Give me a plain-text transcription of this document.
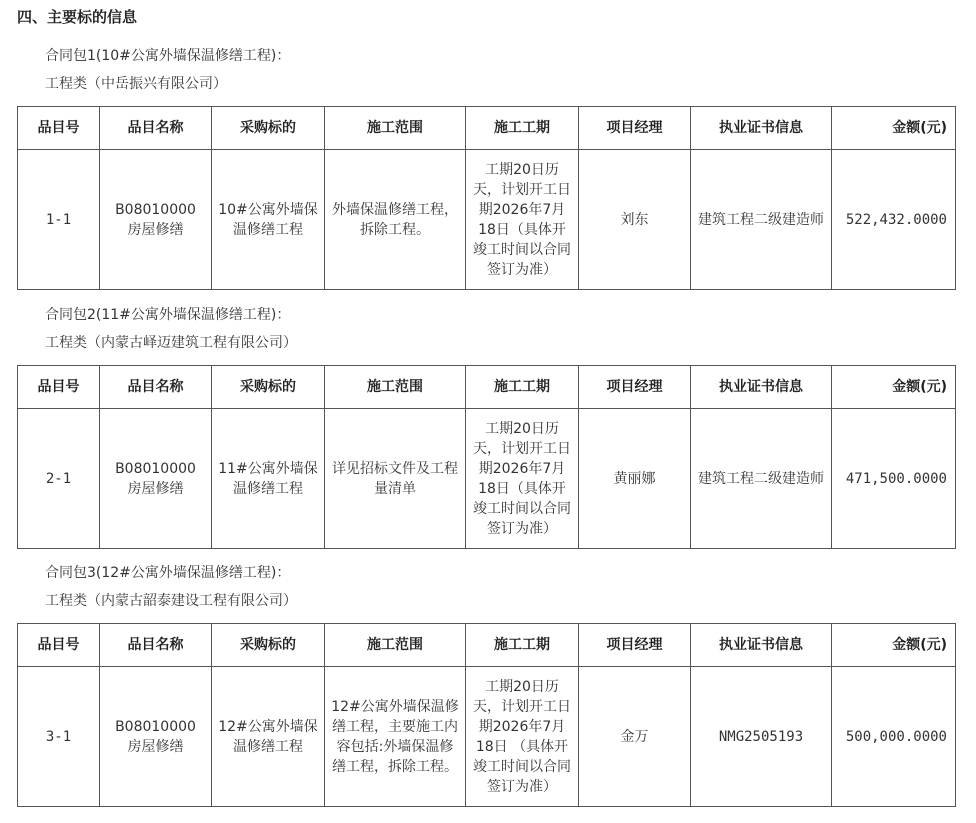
四、主要标的信息
合同包1(10#公寓外墙保温修缮工程)：
工程类（中岳振兴有限公司）
品目号	品目名称	采购标的	施工范围	施工工期	项目经理	执业证书信息	金额(元)
1-1	B08010000 房屋修缮	10#公寓外墙保温修缮工程	外墙保温修缮工程，拆除工程。	工期20日历天，计划开工日期2026年7月18日（具体开竣工时间以合同签订为准）	刘东	建筑工程二级建造师	522,432.0000
合同包2(11#公寓外墙保温修缮工程)：
工程类（内蒙古峄迈建筑工程有限公司）
品目号	品目名称	采购标的	施工范围	施工工期	项目经理	执业证书信息	金额(元)
2-1	B08010000 房屋修缮	11#公寓外墙保温修缮工程	详见招标文件及工程量清单	工期20日历天，计划开工日期2026年7月18日（具体开竣工时间以合同签订为准）	黄丽娜	建筑工程二级建造师	471,500.0000
合同包3(12#公寓外墙保温修缮工程)：
工程类（内蒙古韶泰建设工程有限公司）
品目号	品目名称	采购标的	施工范围	施工工期	项目经理	执业证书信息	金额(元)
3-1	B08010000 房屋修缮	12#公寓外墙保温修缮工程	12#公寓外墙保温修缮工程，主要施工内容包括:外墙保温修缮工程，拆除工程。	工期20日历天，计划开工日期2026年7月18日 （具体开竣工时间以合同签订为准）	金万	NMG2505193	500,000.0000
